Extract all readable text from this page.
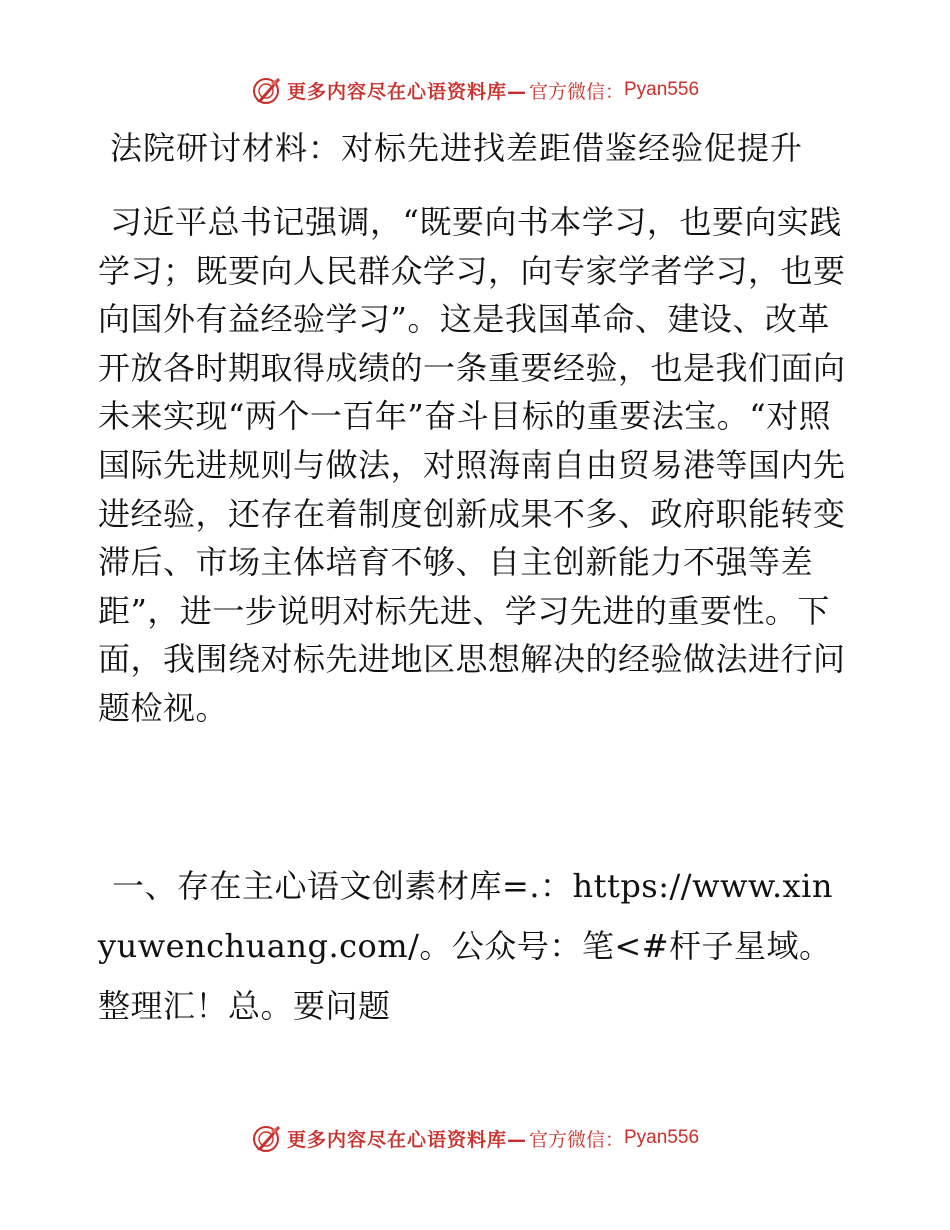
更多内容尽在心语资料库— 官方微信： Pyan556
法院研讨材料：对标先进找差距借鉴经验促提升

习近平总书记强调，“既要向书本学习，也要向实践学习；既要向人民群众学习，向专家学者学习，也要向国外有益经验学习”。这是我国革命、建设、改革开放各时期取得成绩的一条重要经验，也是我们面向未来实现“两个一百年”奋斗目标的重要法宝。“对照国际先进规则与做法，对照海南自由贸易港等国内先进经验，还存在着制度创新成果不多、政府职能转变滞后、市场主体培育不够、自主创新能力不强等差距”，进一步说明对标先进、学习先进的重要性。下面，我围绕对标先进地区思想解决的经验做法进行问题检视。

一、存在主心语文创素材库=.：https://www.xinyuwenchuang.com/。公众号：笔<#杆子星域。整理汇！总。要问题

更多内容尽在心语资料库— 官方微信： Pyan556
